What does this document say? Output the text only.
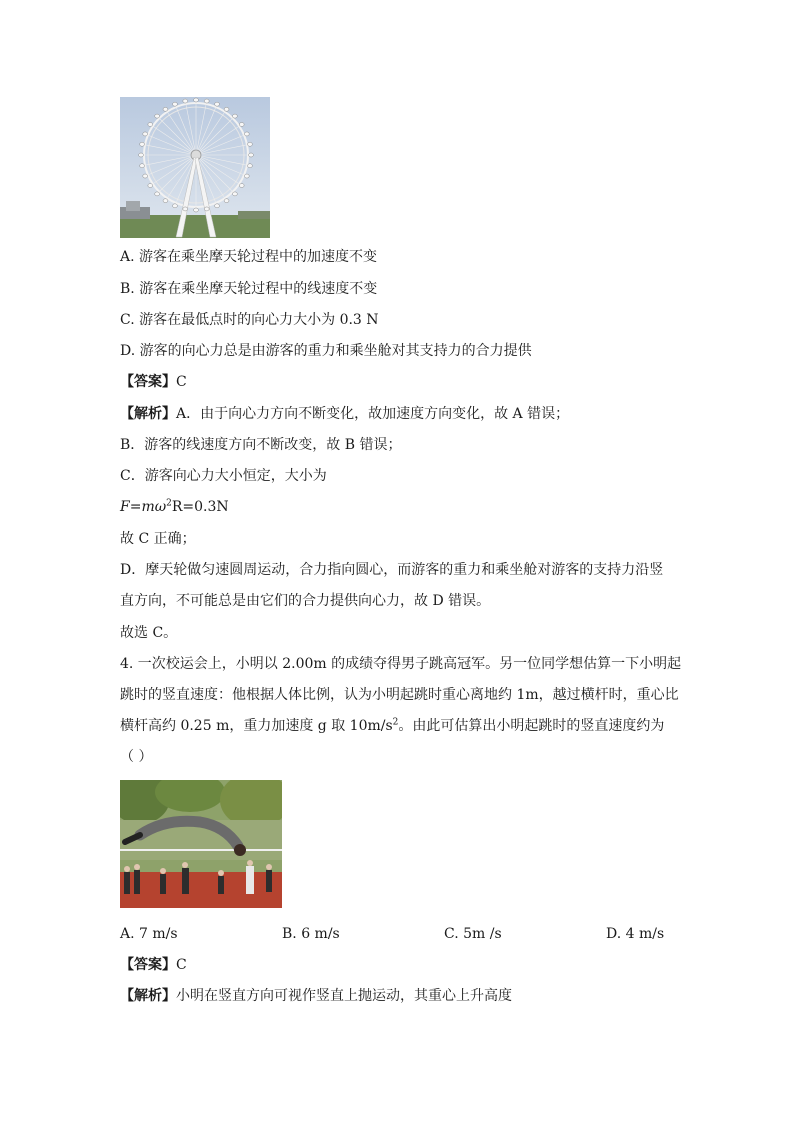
A. 游客在乘坐摩天轮过程中的加速度不变
B. 游客在乘坐摩天轮过程中的线速度不变
C. 游客在最低点时的向心力大小为 0.3 N
D. 游客的向心力总是由游客的重力和乘坐舱对其支持力的合力提供
【答案】C
【解析】A．由于向心力方向不断变化，故加速度方向变化，故 A 错误；
B．游客的线速度方向不断改变，故 B 错误；
C．游客向心力大小恒定，大小为
$F=m\omega^2R=0.3N$
故 C 正确；
D．摩天轮做匀速圆周运动，合力指向圆心，而游客的重力和乘坐舱对游客的支持力沿竖
直方向，不可能总是由它们的合力提供向心力，故 D 错误。
故选 C。
4. 一次校运会上，小明以 2.00m 的成绩夺得男子跳高冠军。另一位同学想估算一下小明起
跳时的竖直速度：他根据人体比例，认为小明起跳时重心离地约 1m，越过横杆时，重心比
横杆高约 0.25 m，重力加速度 g 取 $10m/s^2$。由此可估算出小明起跳时的竖直速度约为
（ ）
A. 7 m/s	B. 6 m/s	C. 5m /s	D. 4 m/s
【答案】C
【解析】小明在竖直方向可视作竖直上抛运动，其重心上升高度
